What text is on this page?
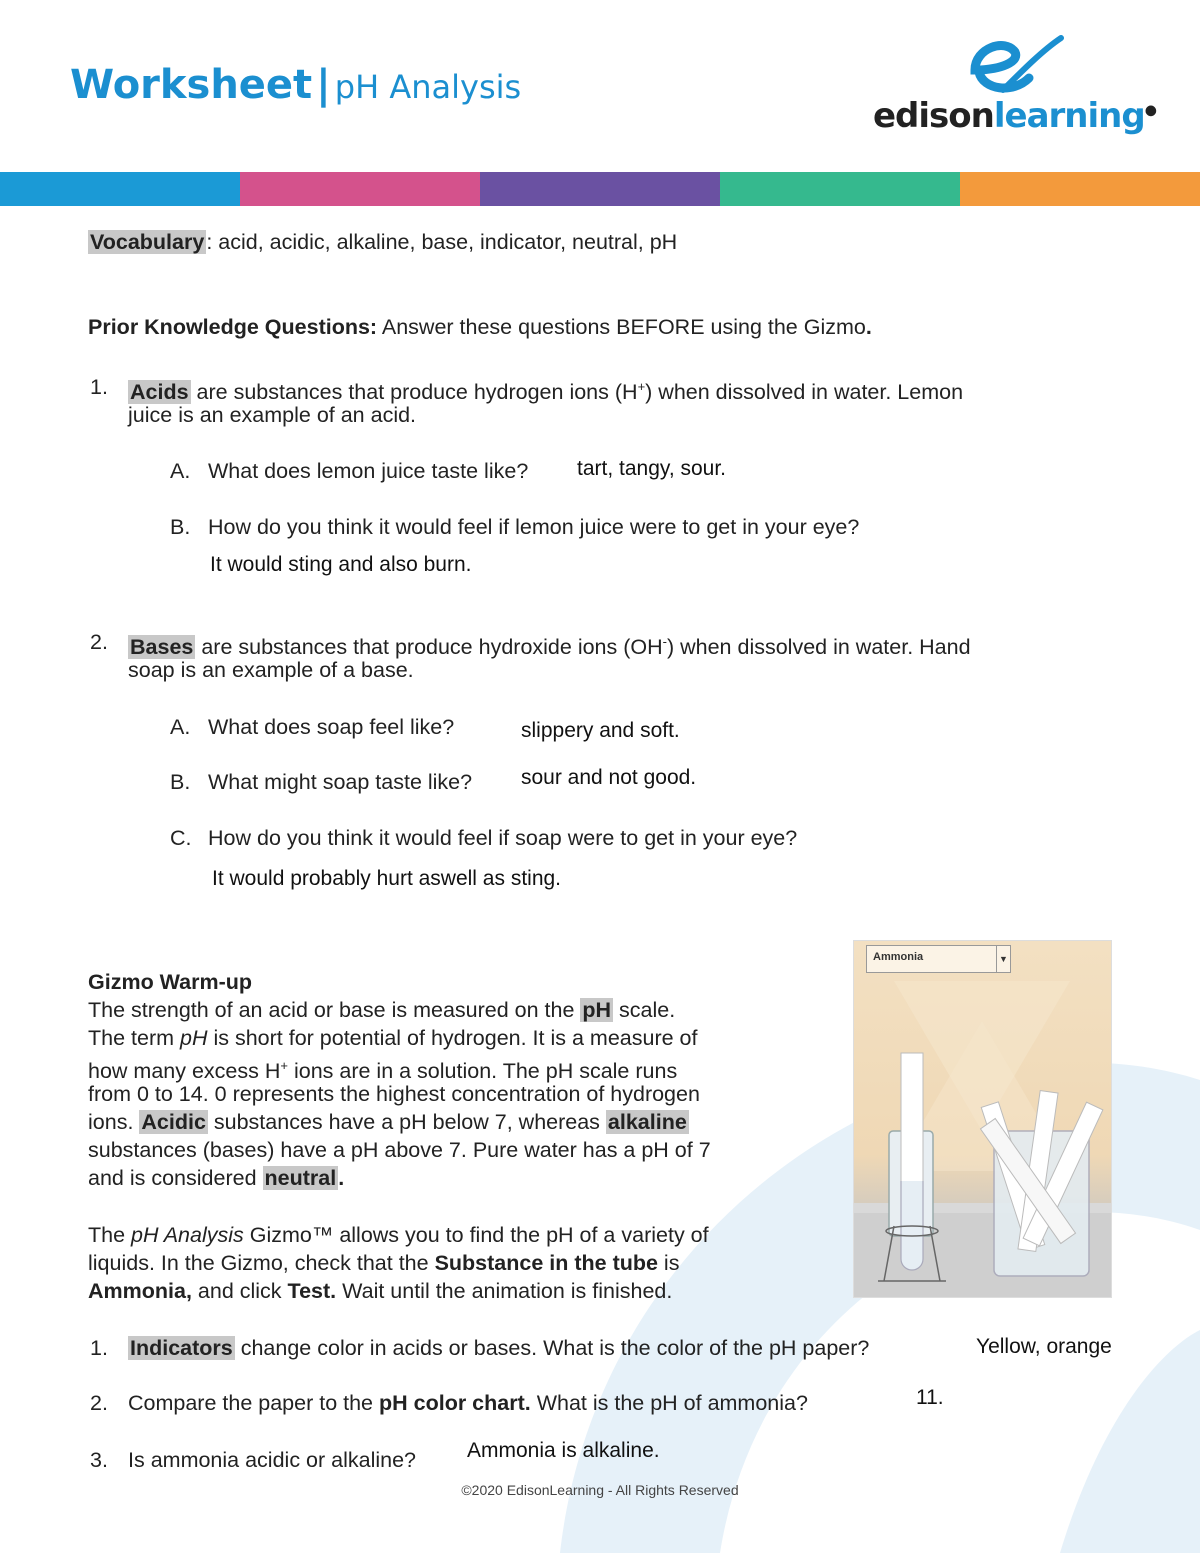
Worksheet | pH Analysis
edisonlearning●
Vocabulary: acid, acidic, alkaline, base, indicator, neutral, pH
Prior Knowledge Questions: Answer these questions BEFORE using the Gizmo.
1. Acids are substances that produce hydrogen ions (H+) when dissolved in water. Lemon
juice is an example of an acid.
A. What does lemon juice taste like? tart, tangy, sour.
B. How do you think it would feel if lemon juice were to get in your eye?
It would sting and also burn.
2. Bases are substances that produce hydroxide ions (OH-) when dissolved in water. Hand
soap is an example of a base.
A. What does soap feel like?	slippery and soft.
B. What might soap taste like? sour and not good.
C. How do you think it would feel if soap were to get in your eye?
It would probably hurt aswell as sting.
Gizmo Warm-up
The strength of an acid or base is measured on the pH scale.
The term pH is short for potential of hydrogen. It is a measure of
how many excess H+ ions are in a solution. The pH scale runs
from 0 to 14. 0 represents the highest concentration of hydrogen
ions. Acidic substances have a pH below 7, whereas alkaline
substances (bases) have a pH above 7. Pure water has a pH of 7
and is considered neutral.
The pH Analysis Gizmo™ allows you to find the pH of a variety of
liquids. In the Gizmo, check that the Substance in the tube is
Ammonia, and click Test. Wait until the animation is finished.
Ammonia	▼
1. Indicators change color in acids or bases. What is the color of the pH paper?	Yellow, orange
2. Compare the paper to the pH color chart. What is the pH of ammonia?	11.
3. Is ammonia acidic or alkaline? Ammonia is alkaline.
©2020 EdisonLearning - All Rights Reserved
